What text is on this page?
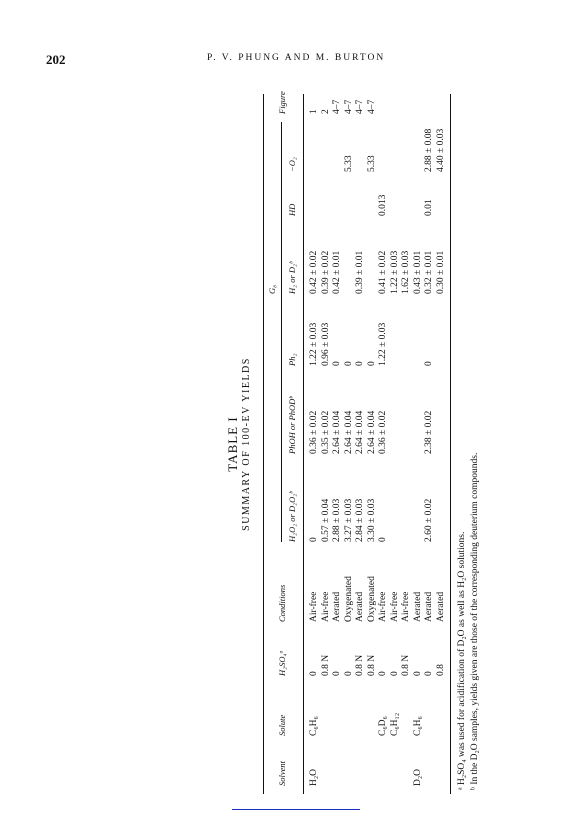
202	P. V. PHUNG AND M. BURTON
TABLE I SUMMARY OF 100-EV YIELDS
G₈
Solvent
Solute
H₂SO₄ᵃ
Conditions
H₂O₂ or D₂O₂ᵇ
PhOH or PhODᵇ
Ph₂
H₂ or D₂ᵇ
HD
−O₂
Figure
H₂O
C₆H₆
0
Air-free
0
0.36 ± 0.02
1.22 ± 0.03
0.42 ± 0.02
1
0.8 N
Air-free
0.57 ± 0.04
0.35 ± 0.02
0.96 ± 0.03
0.39 ± 0.02
2
0
Aerated
2.88 ± 0.03
2.64 ± 0.04
0
0.42 ± 0.01
4–7
0
Oxygenated
3.27 ± 0.03
2.64 ± 0.04
0
5.33
4–7
0.8 N
Aerated
2.84 ± 0.03
2.64 ± 0.04
0
0.39 ± 0.01
4–7
0.8 N
Oxygenated
3.30 ± 0.03
2.64 ± 0.04
0
5.33
4–7
C₆D₆
0
Air-free
0
0.36 ± 0.02
1.22 ± 0.03
0.41 ± 0.02
0.013
C₆H₁₂
0
Air-free
1.22 ± 0.03
0.8 N
Air-free
1.62 ± 0.03
D₂O
C₆H₆
0
Aerated
0.43 ± 0.01
0
Aerated
2.60 ± 0.02
2.38 ± 0.02
0
0.32 ± 0.01
0.01
2.88 ± 0.08
0.8
Aerated
0.30 ± 0.01
4.40 ± 0.03
ᵃ H₂SO₄ was used for acidification of D₂O as well as H₂O solutions. ᵇ In the D₂O samples, yields given are those of the corresponding deuterium compounds.
